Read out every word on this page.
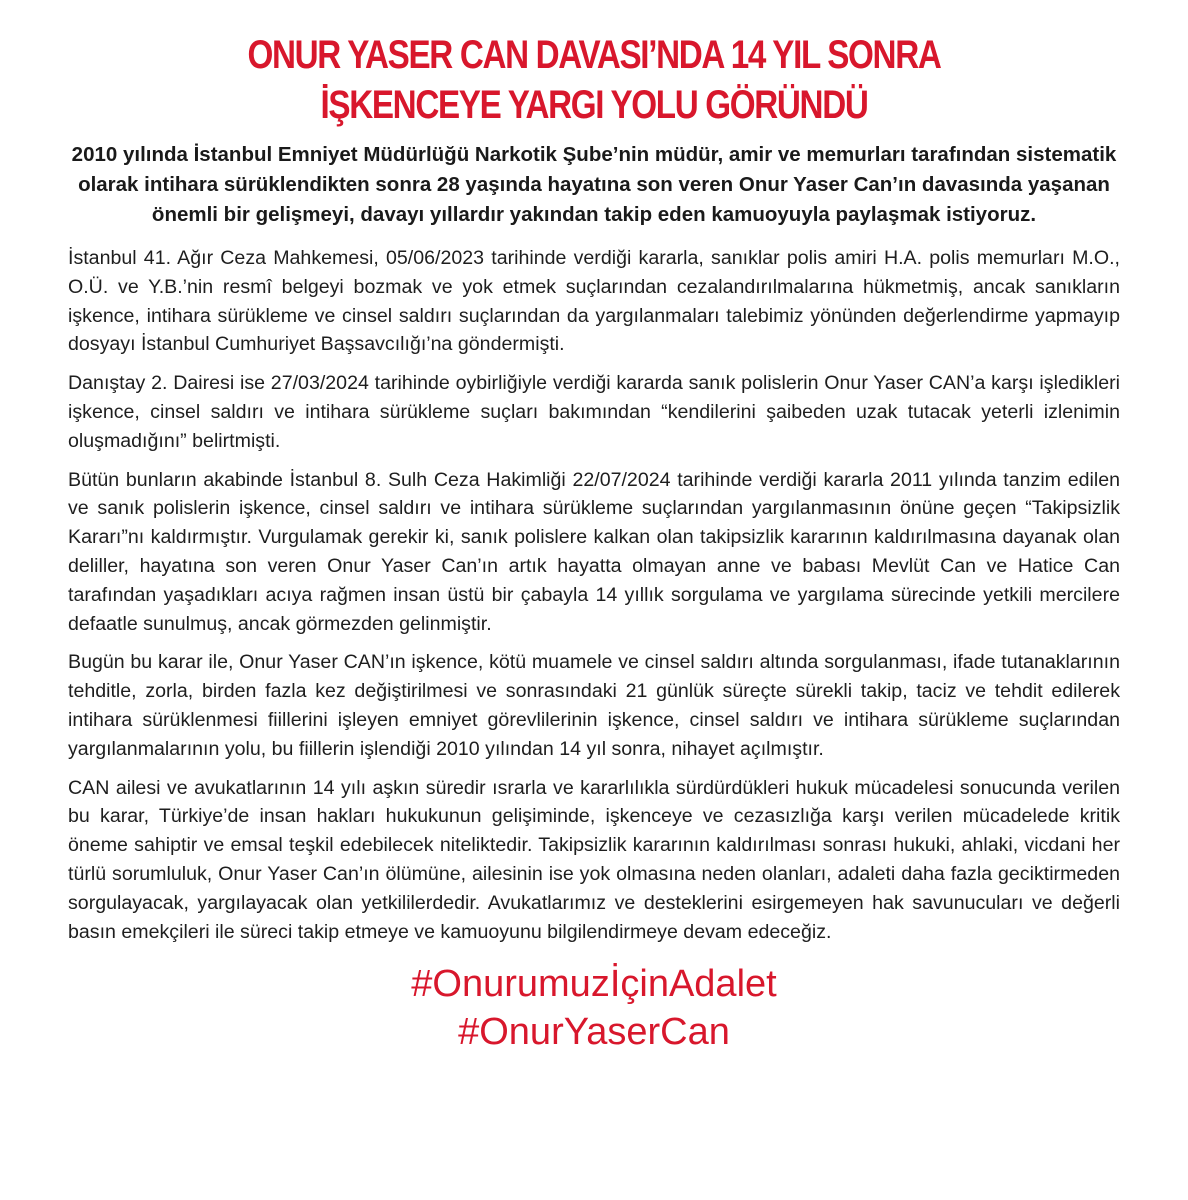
ONUR YASER CAN DAVASI’NDA 14 YIL SONRA
İŞKENCEYE YARGI YOLU GÖRÜNDÜ

2010 yılında İstanbul Emniyet Müdürlüğü Narkotik Şube’nin müdür, amir ve memurları tarafından sistematik olarak intihara sürüklendikten sonra 28 yaşında hayatına son veren Onur Yaser Can’ın davasında yaşanan önemli bir gelişmeyi, davayı yıllardır yakından takip eden kamuoyuyla paylaşmak istiyoruz.

İstanbul 41. Ağır Ceza Mahkemesi, 05/06/2023 tarihinde verdiği kararla, sanıklar polis amiri H.A. polis memurları M.O., O.Ü. ve Y.B.’nin resmî belgeyi bozmak ve yok etmek suçlarından cezalandırılmalarına hükmetmiş, ancak sanıkların işkence, intihara sürükleme ve cinsel saldırı suçlarından da yargılanmaları talebimiz yönünden değerlendirme yapmayıp dosyayı İstanbul Cumhuriyet Başsavcılığı’na göndermişti.

Danıştay 2. Dairesi ise 27/03/2024 tarihinde oybirliğiyle verdiği kararda sanık polislerin Onur Yaser CAN’a karşı işledikleri işkence, cinsel saldırı ve intihara sürükleme suçları bakımından “kendilerini şaibeden uzak tutacak yeterli izlenimin oluşmadığını” belirtmişti.

Bütün bunların akabinde İstanbul 8. Sulh Ceza Hakimliği 22/07/2024 tarihinde verdiği kararla 2011 yılında tanzim edilen ve sanık polislerin işkence, cinsel saldırı ve intihara sürükleme suçlarından yargılanmasının önüne geçen “Takipsizlik Kararı”nı kaldırmıştır. Vurgulamak gerekir ki, sanık polislere kalkan olan takipsizlik kararının kaldırılmasına dayanak olan deliller, hayatına son veren Onur Yaser Can’ın artık hayatta olmayan anne ve babası Mevlüt Can ve Hatice Can tarafından yaşadıkları acıya rağmen insan üstü bir çabayla 14 yıllık sorgulama ve yargılama sürecinde yetkili mercilere defaatle sunulmuş, ancak görmezden gelinmiştir.

Bugün bu karar ile, Onur Yaser CAN’ın işkence, kötü muamele ve cinsel saldırı altında sorgulanması, ifade tutanaklarının tehditle, zorla, birden fazla kez değiştirilmesi ve sonrasındaki 21 günlük süreçte sürekli takip, taciz ve tehdit edilerek intihara sürüklenmesi fiillerini işleyen emniyet görevlilerinin işkence, cinsel saldırı ve intihara sürükleme suçlarından yargılanmalarının yolu, bu fiillerin işlendiği 2010 yılından 14 yıl sonra, nihayet açılmıştır.

CAN ailesi ve avukatlarının 14 yılı aşkın süredir ısrarla ve kararlılıkla sürdürdükleri hukuk mücadelesi sonucunda verilen bu karar, Türkiye’de insan hakları hukukunun gelişiminde, işkenceye ve cezasızlığa karşı verilen mücadelede kritik öneme sahiptir ve emsal teşkil edebilecek niteliktedir. Takipsizlik kararının kaldırılması sonrası hukuki, ahlaki, vicdani her türlü sorumluluk, Onur Yaser Can’ın ölümüne, ailesinin ise yok olmasına neden olanları, adaleti daha fazla geciktirmeden sorgulayacak, yargılayacak olan yetkililerdedir. Avukatlarımız ve desteklerini esirgemeyen hak savunucuları ve değerli basın emekçileri ile süreci takip etmeye ve kamuoyunu bilgilendirmeye devam edeceğiz.

#OnurumuzİçinAdalet
#OnurYaserCan
